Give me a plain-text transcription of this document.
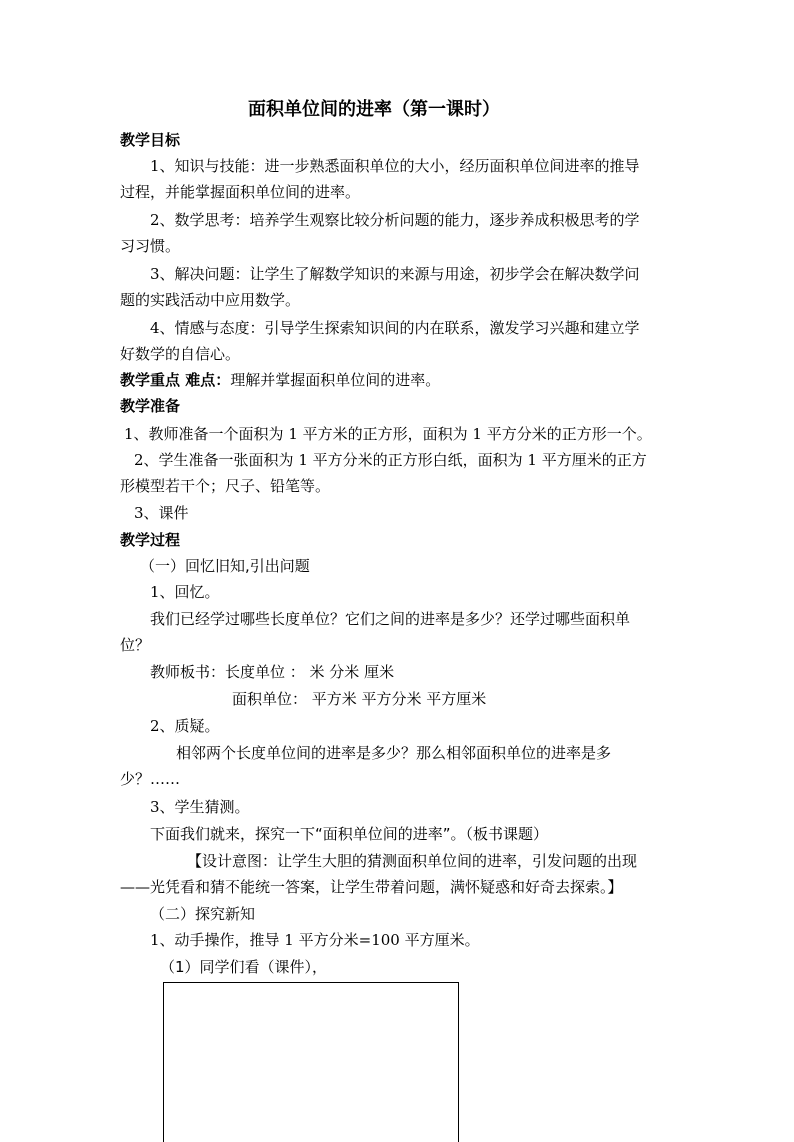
面积单位间的进率（第一课时）
教学目标
1、知识与技能：进一步熟悉面积单位的大小，经历面积单位间进率的推导
过程，并能掌握面积单位间的进率。
2、数学思考：培养学生观察比较分析问题的能力，逐步养成积极思考的学
习习惯。
3、解决问题：让学生了解数学知识的来源与用途，初步学会在解决数学问
题的实践活动中应用数学。
4、情感与态度：引导学生探索知识间的内在联系，激发学习兴趣和建立学
好数学的自信心。
教学重点 难点：理解并掌握面积单位间的进率。
教学准备
1、教师准备一个面积为 1 平方米的正方形，面积为 1 平方分米的正方形一个。
2、学生准备一张面积为 1 平方分米的正方形白纸，面积为 1 平方厘米的正方
形模型若干个；尺子、铅笔等。
3、课件
教学过程
（一）回忆旧知,引出问题
1、回忆。
我们已经学过哪些长度单位？它们之间的进率是多少？还学过哪些面积单
位？
教师板书：长度单位 ： 米 分米 厘米
面积单位： 平方米 平方分米 平方厘米
2、质疑。
相邻两个长度单位间的进率是多少？那么相邻面积单位的进率是多
少？……
3、学生猜测。
下面我们就来，探究一下“面积单位间的进率”。（板书课题）
【设计意图：让学生大胆的猜测面积单位间的进率，引发问题的出现
——光凭看和猜不能统一答案，让学生带着问题，满怀疑惑和好奇去探索。】
（二）探究新知
1、动手操作，推导 1 平方分米=100 平方厘米。
（1）同学们看（课件），
